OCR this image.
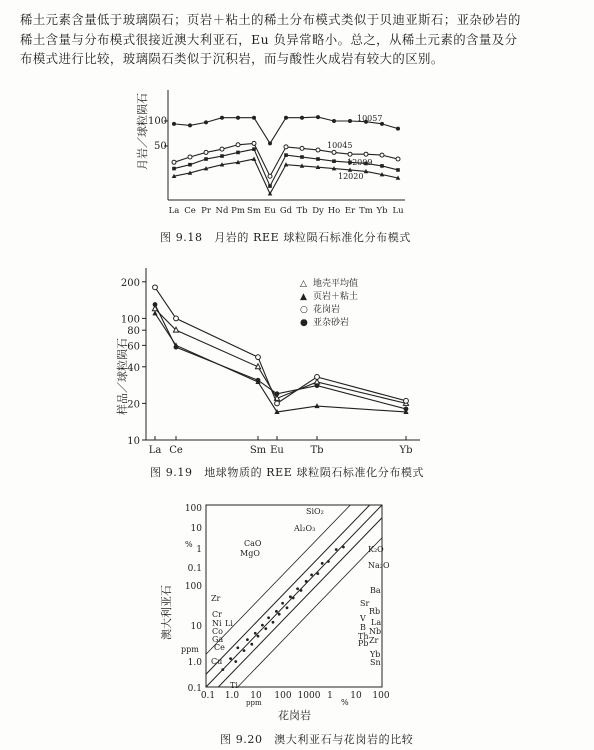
稀土元素含量低于玻璃陨石；页岩＋粘土的稀土分布模式类似于贝迪亚斯石；亚杂砂岩的
稀土含量与分布模式很接近澳大利亚石，Eu 负异常略小。总之，从稀土元素的含量及分
布模式进行比较，玻璃陨石类似于沉积岩，而与酸性火成岩有较大的区别。
100
50
月岩／球粒陨石
La Ce Pr Nd Pm Sm Eu Gd Tb Dy Ho Er Tm Yb Lu
10057
10045
12009
12020
200
100
80
60
40
20
10
La Ce	Sm Eu	Tb	Yb
样品／球粒陨石
△ 地壳平均值
▲ 页岩＋粘土
○ 花岗岩
● 亚杂砂岩
100
10
1
0.1
100
10
1.0
0.1
0.1 1.0 10 100 1000 1 10 100
%
ppm
ppm	%
澳大利亚石
花岗岩
SiO₂
Al₂O₃
CaO
MgO	K₂O
Na₂O
Ba
Sr
Rb
V La
B Nb
Th Zr
Pb
Yb
Sn
Zr
Cr
Ni Li
Co
Ga
Ce
Cu
Ti
图 9.18　月岩的 REE 球粒陨石标准化分布模式
图 9.19　地球物质的 REE 球粒陨石标准化分布模式
图 9.20　澳大利亚石与花岗岩的比较
